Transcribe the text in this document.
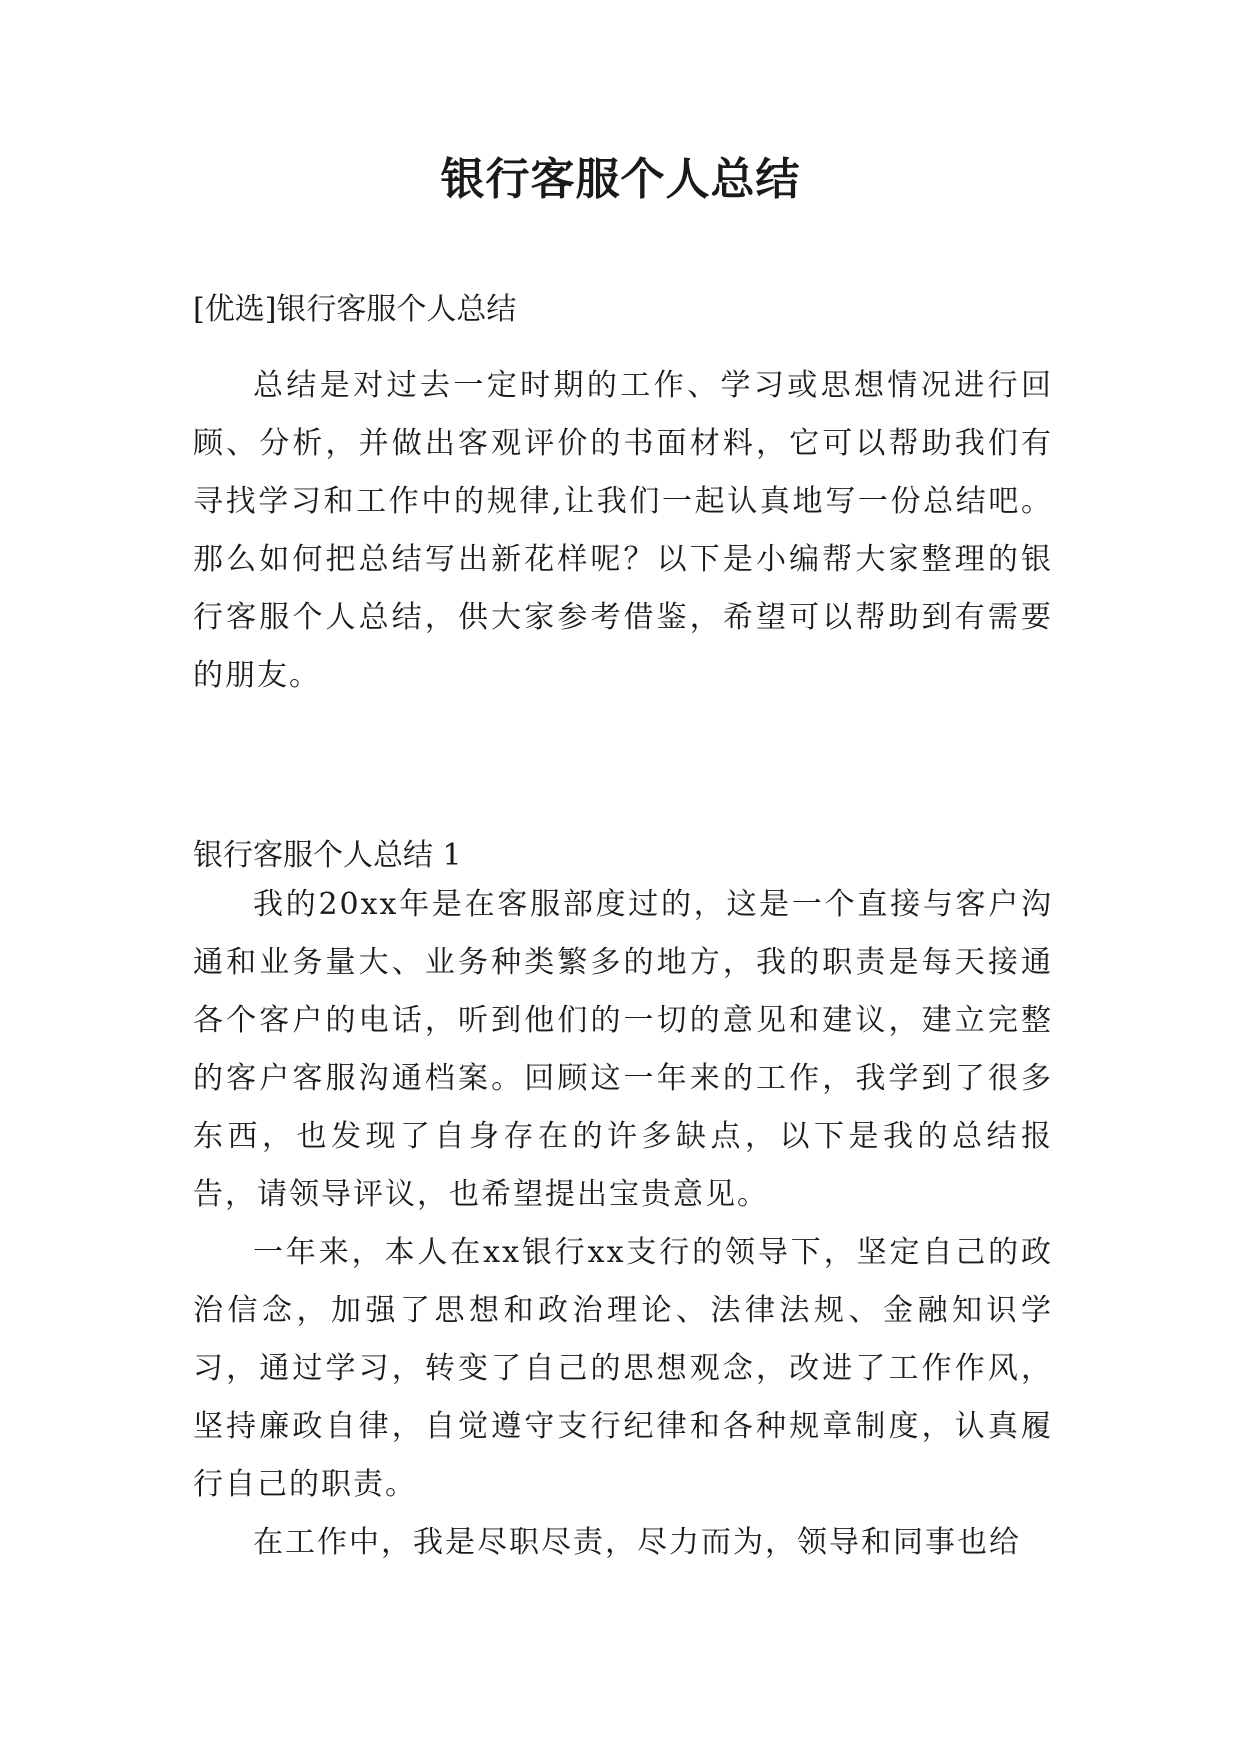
银行客服个人总结
[优选]银行客服个人总结

总结是对过去一定时期的工作、学习或思想情况进行回顾、分析，并做出客观评价的书面材料，它可以帮助我们有寻找学习和工作中的规律,让我们一起认真地写一份总结吧。那么如何把总结写出新花样呢？以下是小编帮大家整理的银行客服个人总结，供大家参考借鉴，希望可以帮助到有需要的朋友。

银行客服个人总结 1

我的20xx年是在客服部度过的，这是一个直接与客户沟通和业务量大、业务种类繁多的地方，我的职责是每天接通各个客户的电话，听到他们的一切的意见和建议，建立完整的客户客服沟通档案。回顾这一年来的工作，我学到了很多东西，也发现了自身存在的许多缺点，以下是我的总结报告，请领导评议，也希望提出宝贵意见。

一年来，本人在xx银行xx支行的领导下，坚定自己的政治信念，加强了思想和政治理论、法律法规、金融知识学习，通过学习，转变了自己的思想观念，改进了工作作风，坚持廉政自律，自觉遵守支行纪律和各种规章制度，认真履行自己的职责。

在工作中，我是尽职尽责，尽力而为，领导和同事也给
